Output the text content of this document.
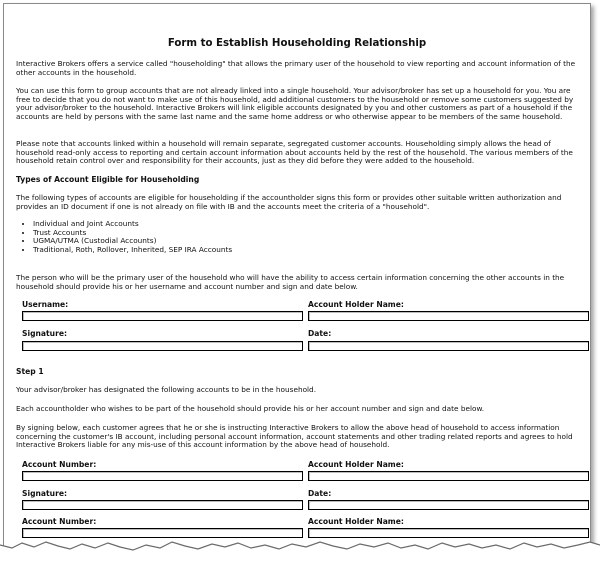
Form to Establish Householding Relationship

Interactive Brokers offers a service called "householding" that allows the primary user of the household to view reporting and account information of the other accounts in the household.

You can use this form to group accounts that are not already linked into a single household. Your advisor/broker has set up a household for you. You are free to decide that you do not want to make use of this household, add additional customers to the household or remove some customers suggested by your advisor/broker to the household. Interactive Brokers will link eligible accounts designated by you and other customers as part of a household if the accounts are held by persons with the same last name and the same home address or who otherwise appear to be members of the same household.

Please note that accounts linked within a household will remain separate, segregated customer accounts. Householding simply allows the head of household read-only access to reporting and certain account information about accounts held by the rest of the household. The various members of the household retain control over and responsibility for their accounts, just as they did before they were added to the household.

Types of Account Eligible for Householding

The following types of accounts are eligible for householding if the accountholder signs this form or provides other suitable written authorization and provides an ID document if one is not already on file with IB and the accounts meet the criteria of a "household".

• Individual and Joint Accounts
• Trust Accounts
• UGMA/UTMA (Custodial Accounts)
• Traditional, Roth, Rollover, Inherited, SEP IRA Accounts

The person who will be the primary user of the household who will have the ability to access certain information concerning the other accounts in the household should provide his or her username and account number and sign and date below.

Username:	Account Holder Name:
Signature:	Date:
Step 1

Your advisor/broker has designated the following accounts to be in the household.

Each accountholder who wishes to be part of the household should provide his or her account number and sign and date below.

By signing below, each customer agrees that he or she is instructing Interactive Brokers to allow the above head of household to access information concerning the customer's IB account, including personal account information, account statements and other trading related reports and agrees to hold Interactive Brokers liable for any mis-use of this account information by the above head of household.

Account Number:	Account Holder Name:
Signature:	Date:
Account Number:	Account Holder Name:
